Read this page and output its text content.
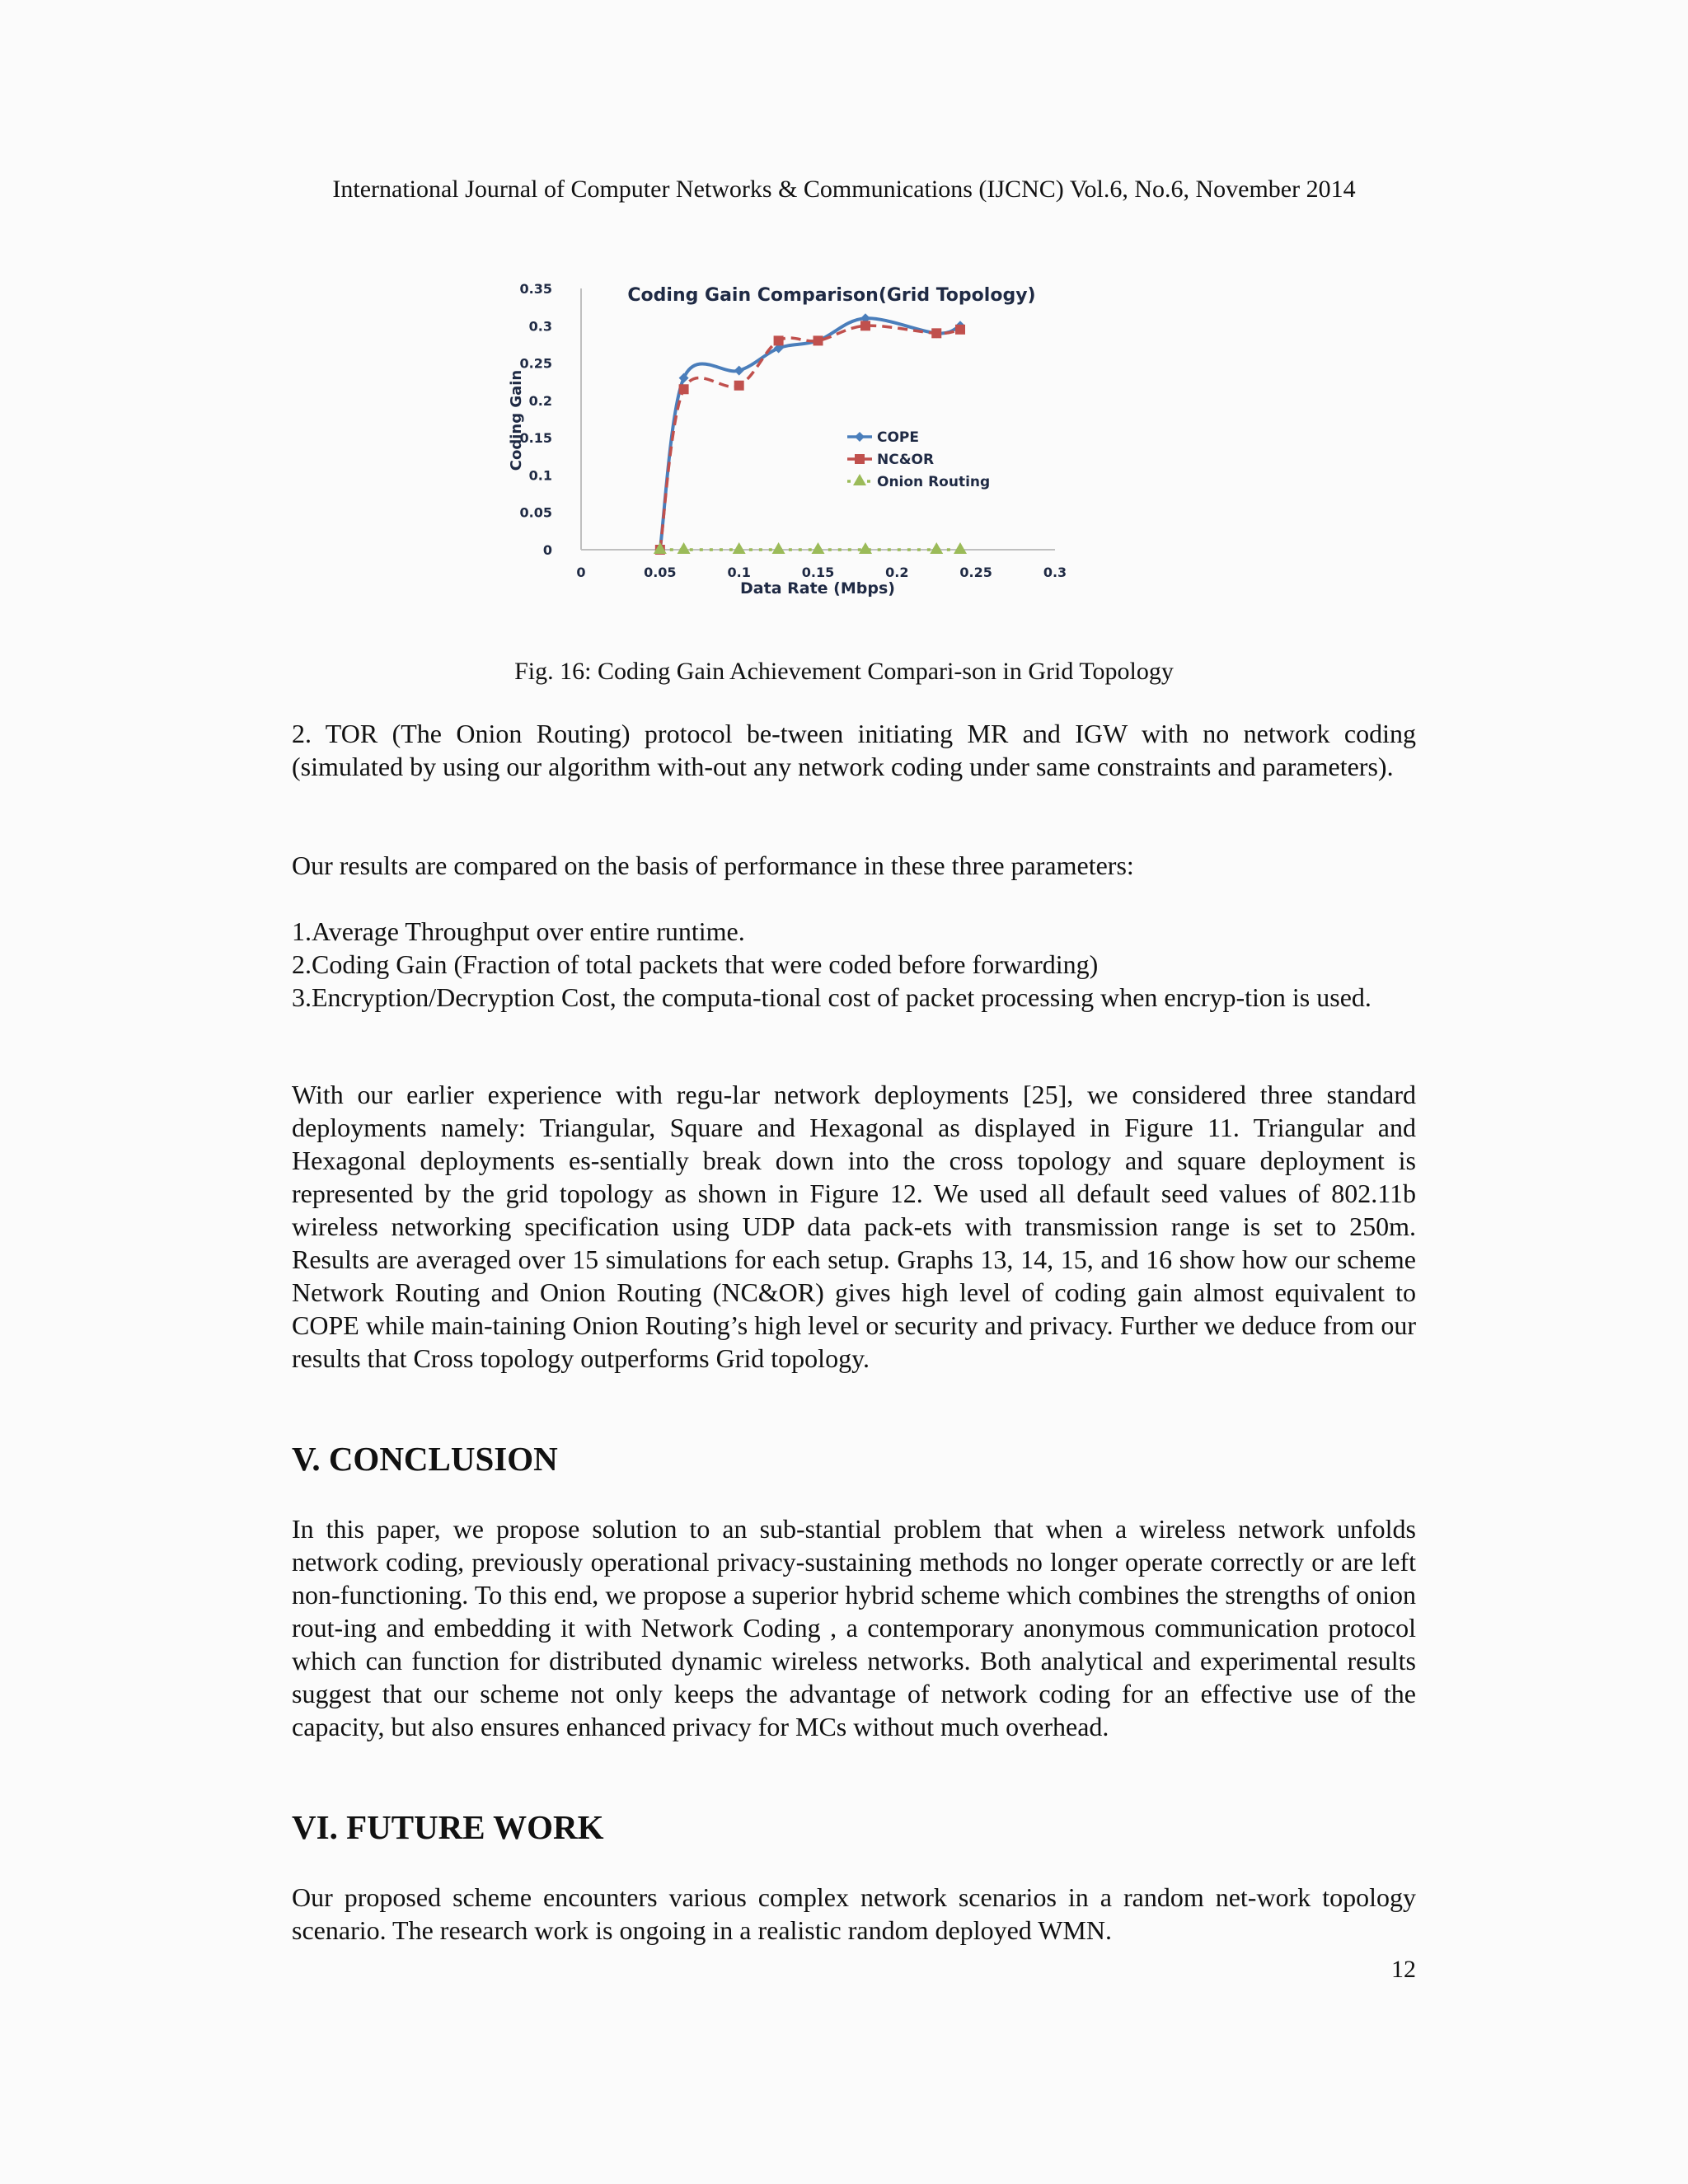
International Journal of Computer Networks & Communications (IJCNC) Vol.6, No.6, November 2014
0
0.05
0.1
0.15
0.2
0.25
0.3
0.35
0	0.05	0.1	0.15	0.2	0.25	0.3
COPE
NC&OR
Onion Routing
Coding Gain Comparison(Grid Topology)
Data Rate (Mbps)
Coding Gain
Fig. 16: Coding Gain Achievement Compari-son in Grid Topology

2. TOR (The Onion Routing) protocol be-tween initiating MR and IGW with no network coding (simulated by using our algorithm with-out any network coding under same constraints and parameters).

Our results are compared on the basis of performance in these three parameters:

1.Average Throughput over entire runtime.

2.Coding Gain (Fraction of total packets that were coded before forwarding)

3.Encryption/Decryption Cost, the computa-tional cost of packet processing when encryp-tion is used.

With our earlier experience with regu-lar network deployments [25], we considered three standard deployments namely: Triangular, Square and Hexagonal as displayed in Figure 11. Triangular and Hexagonal deployments es-sentially break down into the cross topology and square deployment is represented by the grid topology as shown in Figure 12. We used all default seed values of 802.11b wireless networking specification using UDP data pack-ets with transmission range is set to 250m. Results are averaged over 15 simulations for each setup. Graphs 13, 14, 15, and 16 show how our scheme Network Routing and Onion Routing (NC&OR) gives high level of coding gain almost equivalent to COPE while main-taining Onion Routing’s high level or security and privacy. Further we deduce from our results that Cross topology outperforms Grid topology.

V. CONCLUSION

In this paper, we propose solution to an sub-stantial problem that when a wireless network unfolds network coding, previously operational privacy-sustaining methods no longer operate correctly or are left non-functioning. To this end, we propose a superior hybrid scheme which combines the strengths of onion rout-ing and embedding it with Network Coding , a contemporary anonymous communication protocol which can function for distributed dynamic wireless networks. Both analytical and experimental results suggest that our scheme not only keeps the advantage of network coding for an effective use of the capacity, but also ensures enhanced privacy for MCs without much overhead.

VI. FUTURE WORK

Our proposed scheme encounters various complex network scenarios in a random net-work topology scenario. The research work is ongoing in a realistic random deployed WMN.

12
